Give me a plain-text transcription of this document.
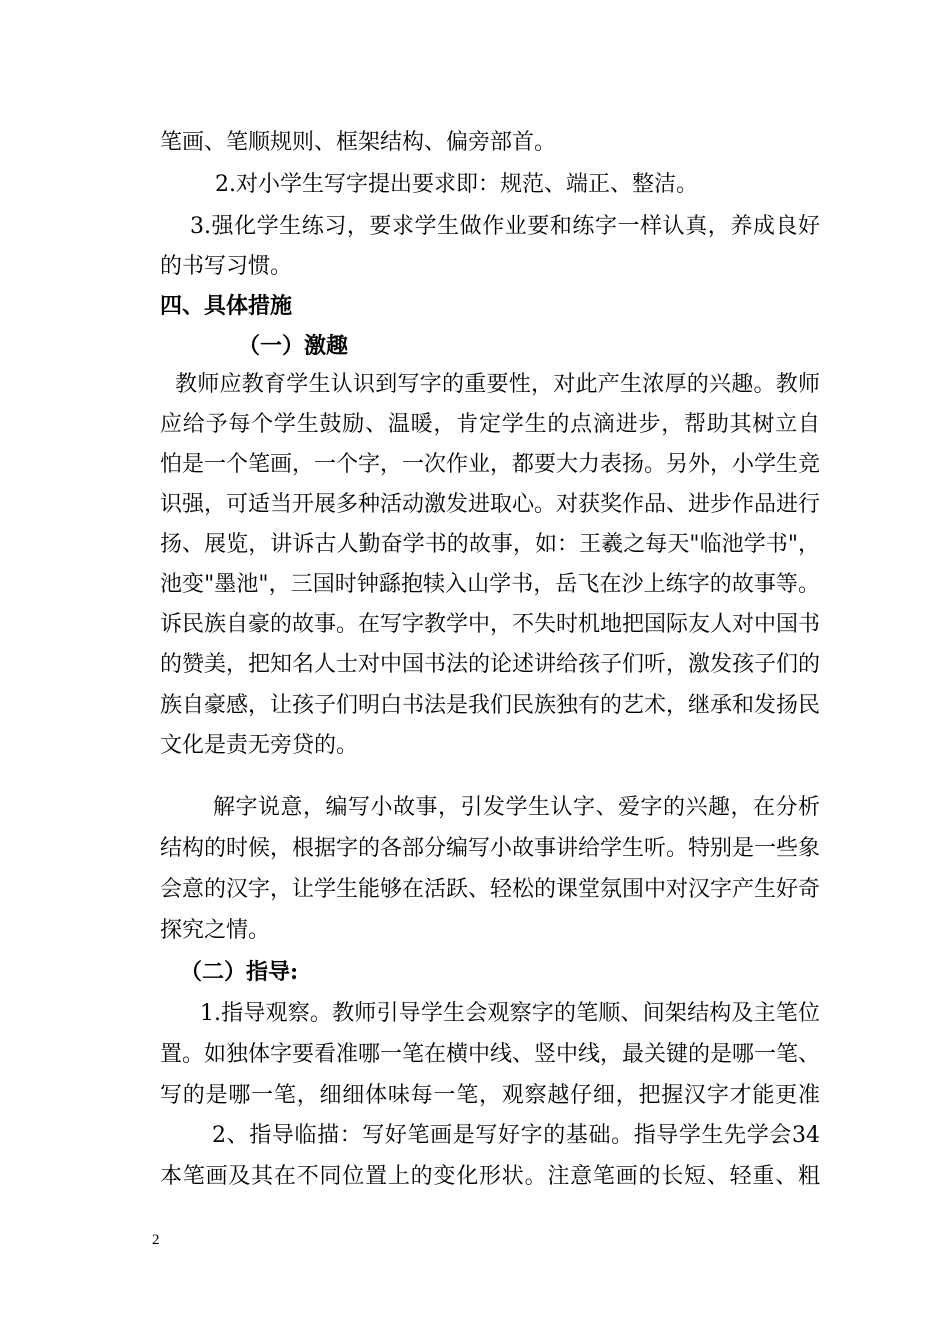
笔画、笔顺规则、框架结构、偏旁部首。
2.对小学生写字提出要求即：规范、端正、整洁。
3.强化学生练习，要求学生做作业要和练字一样认真，养成良好
的书写习惯。
四、具体措施
（一）激趣
教师应教育学生认识到写字的重要性，对此产生浓厚的兴趣。教师
应给予每个学生鼓励、温暖，肯定学生的点滴进步，帮助其树立自
怕是一个笔画，一个字，一次作业，都要大力表扬。另外，小学生竞
识强，可适当开展多种活动激发进取心。对获奖作品、进步作品进行
扬、展览，讲诉古人勤奋学书的故事，如：王羲之每天"临池学书"，
池变"墨池"，三国时钟繇抱犊入山学书，岳飞在沙上练字的故事等。
诉民族自豪的故事。在写字教学中，不失时机地把国际友人对中国书
的赞美，把知名人士对中国书法的论述讲给孩子们听，激发孩子们的
族自豪感，让孩子们明白书法是我们民族独有的艺术，继承和发扬民
文化是责无旁贷的。
解字说意，编写小故事，引发学生认字、爱字的兴趣，在分析
结构的时候，根据字的各部分编写小故事讲给学生听。特别是一些象
会意的汉字，让学生能够在活跃、轻松的课堂氛围中对汉字产生好奇
探究之情。
（二）指导:
1.指导观察。教师引导学生会观察字的笔顺、间架结构及主笔位
置。如独体字要看准哪一笔在横中线、竖中线，最关键的是哪一笔、
写的是哪一笔，细细体味每一笔，观察越仔细，把握汉字才能更准
2、指导临描：写好笔画是写好字的基础。指导学生先学会34
本笔画及其在不同位置上的变化形状。注意笔画的长短、轻重、粗
2
